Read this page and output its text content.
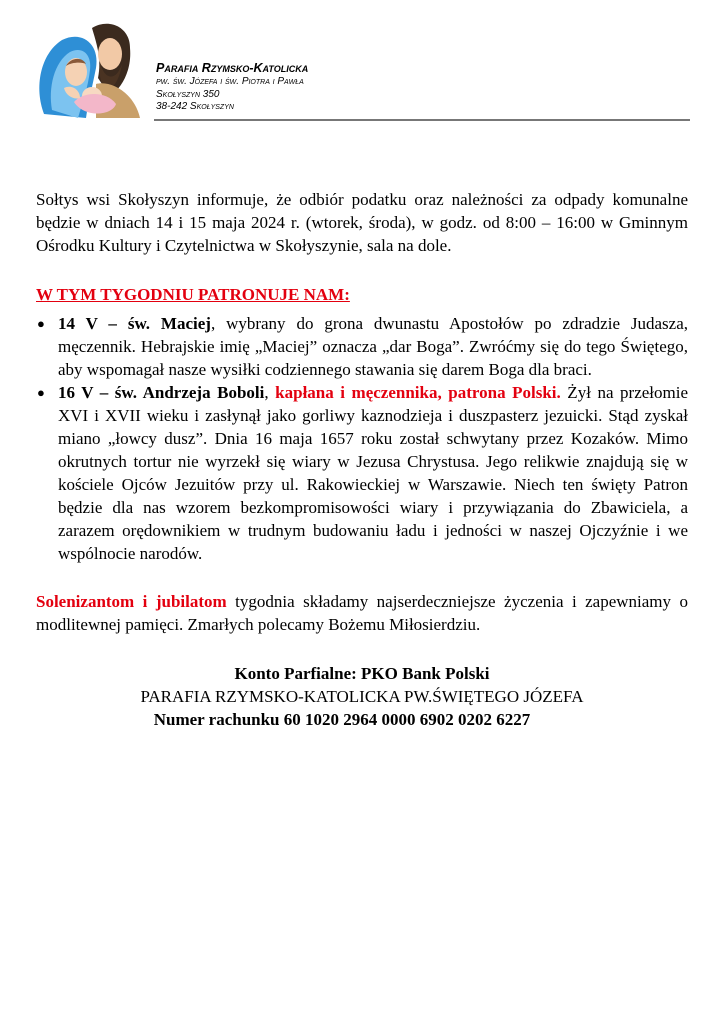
Parafia Rzymsko-Katolicka
pw. św. Józefa i św. Piotra i Pawła
Skołyszyn 350
38-242 Skołyszyn

Sołtys wsi Skołyszyn informuje, że odbiór podatku oraz należności za odpady komunalne będzie w dniach 14 i 15 maja 2024 r. (wtorek, środa), w godz. od 8:00 – 16:00 w Gminnym Ośrodku Kultury i Czytelnictwa w Skołyszynie, sala na dole.

W TYM TYGODNIU PATRONUJE NAM:
● 14 V – św. Maciej, wybrany do grona dwunastu Apostołów po zdradzie Judasza, męczennik. Hebrajskie imię „Maciej” oznacza „dar Boga”. Zwróćmy się do tego Świętego, aby wspomagał nasze wysiłki codziennego stawania się darem Boga dla braci.
● 16 V – św. Andrzeja Boboli, kapłana i męczennika, patrona Polski. Żył na przełomie XVI i XVII wieku i zasłynął jako gorliwy kaznodzieja i duszpasterz jezuicki. Stąd zyskał miano „łowcy dusz”. Dnia 16 maja 1657 roku został schwytany przez Kozaków. Mimo okrutnych tortur nie wyrzekł się wiary w Jezusa Chrystusa. Jego relikwie znajdują się w kościele Ojców Jezuitów przy ul. Rakowieckiej w Warszawie. Niech ten święty Patron będzie dla nas wzorem bezkompromisowości wiary i przywiązania do Zbawiciela, a zarazem orędownikiem w trudnym budowaniu ładu i jedności w naszej Ojczyźnie i we wspólnocie narodów.

Solenizantom i jubilatom tygodnia składamy najserdeczniejsze życzenia i zapewniamy o modlitewnej pamięci. Zmarłych polecamy Bożemu Miłosierdziu.

Konto Parfialne: PKO Bank Polski
PARAFIA RZYMSKO-KATOLICKA PW.ŚWIĘTEGO JÓZEFA
Numer rachunku 60 1020 2964 0000 6902 0202 6227
